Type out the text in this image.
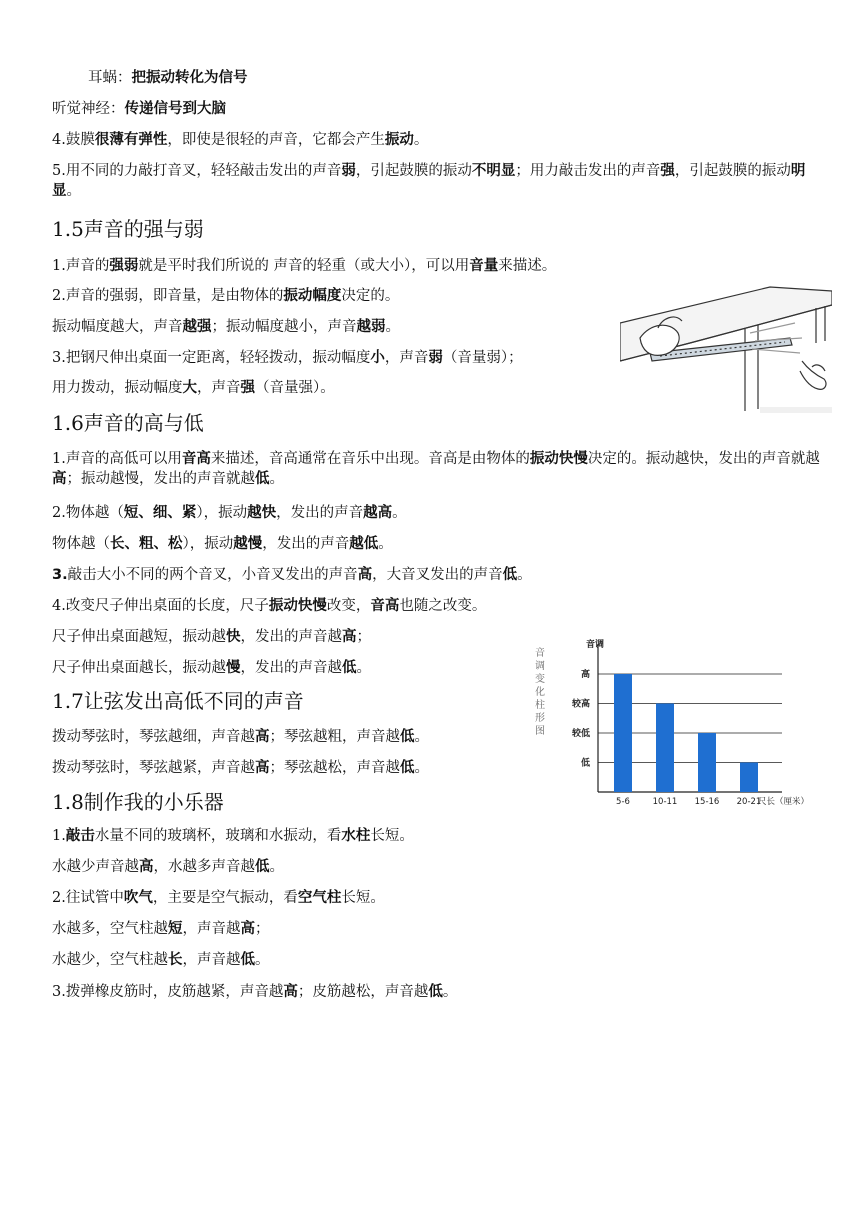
耳蜗：把振动转化为信号
听觉神经：传递信号到大脑
4.鼓膜很薄有弹性，即使是很轻的声音，它都会产生振动。
5.用不同的力敲打音叉，轻轻敲击发出的声音弱，引起鼓膜的振动不明显；用力敲击发出的声音强，引起鼓膜的振动明显。
1.5声音的强与弱
1.声音的强弱就是平时我们所说的 声音的轻重（或大小），可以用音量来描述。
2.声音的强弱，即音量，是由物体的振动幅度决定的。
振动幅度越大，声音越强；振动幅度越小，声音越弱。
3.把钢尺伸出桌面一定距离，轻轻拨动，振动幅度小，声音弱（音量弱）；
用力拨动，振动幅度大，声音强（音量强）。
1.6声音的高与低
1.声音的高低可以用音高来描述，音高通常在音乐中出现。音高是由物体的振动快慢决定的。振动越快，发出的声音就越高；振动越慢，发出的声音就越低。
2.物体越（短、细、紧），振动越快，发出的声音越高。
物体越（长、粗、松），振动越慢，发出的声音越低。
3.敲击大小不同的两个音叉，小音叉发出的声音高，大音叉发出的声音低。
4.改变尺子伸出桌面的长度，尺子振动快慢改变，音高也随之改变。
尺子伸出桌面越短，振动越快，发出的声音越高；
尺子伸出桌面越长，振动越慢，发出的声音越低。
1.7让弦发出高低不同的声音
拨动琴弦时，琴弦越细，声音越高；琴弦越粗，声音越低。
拨动琴弦时，琴弦越紧，声音越高；琴弦越松，声音越低。
1.8制作我的小乐器
1.敲击水量不同的玻璃杯，玻璃和水振动，看水柱长短。
水越少声音越高，水越多声音越低。
2.往试管中吹气，主要是空气振动，看空气柱长短。
水越多，空气柱越短，声音越高；
水越少，空气柱越长，声音越低。
3.拨弹橡皮筋时，皮筋越紧，声音越高；皮筋越松，声音越低。
音调变化柱形图
音调
尺长（厘米）
低
较低
较高
高
5-6	10-11 15-16 20-21
